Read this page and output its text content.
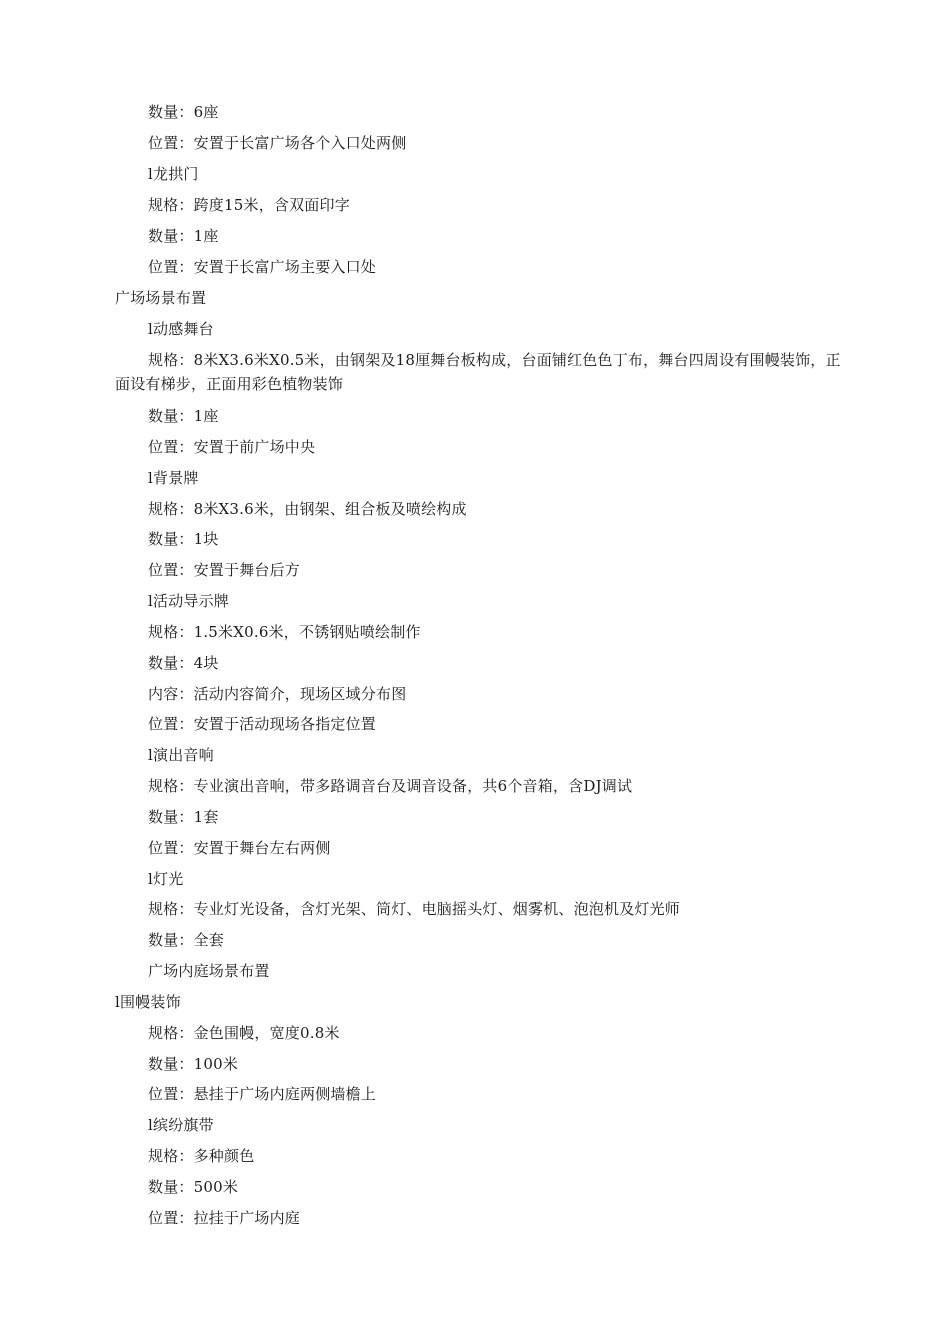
数量：6座
位置：安置于长富广场各个入口处两侧
l龙拱门
规格：跨度15米，含双面印字
数量：1座
位置：安置于长富广场主要入口处
广场场景布置
l动感舞台
规格：8米X3.6米X0.5米，由钢架及18厘舞台板构成，台面铺红色色丁布，舞台四周设有围幔装饰，正面设有梯步，正面用彩色植物装饰
数量：1座
位置：安置于前广场中央
l背景牌
规格：8米X3.6米，由钢架、组合板及喷绘构成
数量：1块
位置：安置于舞台后方
l活动导示牌
规格：1.5米X0.6米，不锈钢贴喷绘制作
数量：4块
内容：活动内容简介，现场区域分布图
位置：安置于活动现场各指定位置
l演出音响
规格：专业演出音响，带多路调音台及调音设备，共6个音箱，含DJ调试
数量：1套
位置：安置于舞台左右两侧
l灯光
规格：专业灯光设备，含灯光架、筒灯、电脑摇头灯、烟雾机、泡泡机及灯光师
数量：全套
广场内庭场景布置
l围幔装饰
规格：金色围幔，宽度0.8米
数量：100米
位置：悬挂于广场内庭两侧墙檐上
l缤纷旗带
规格：多种颜色
数量：500米
位置：拉挂于广场内庭
